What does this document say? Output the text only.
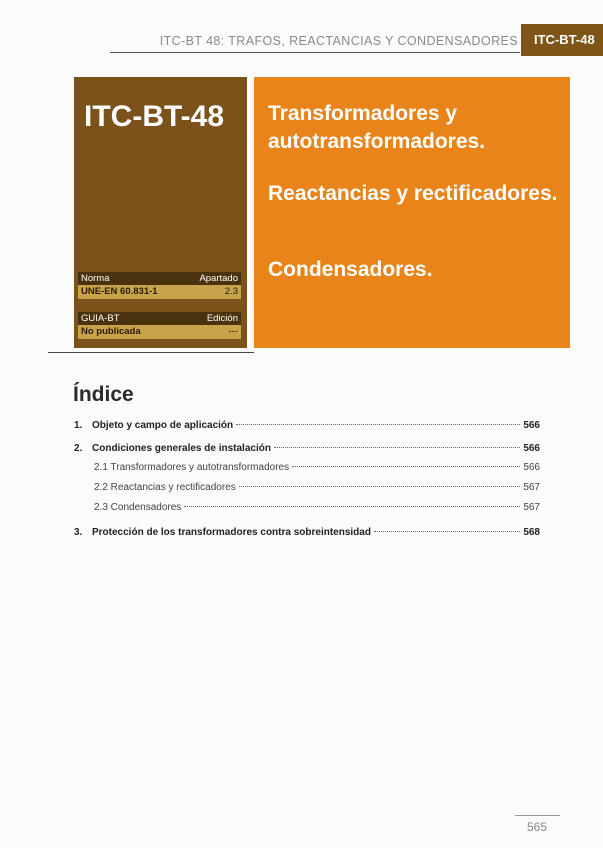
ITC-BT 48: TRAFOS, REACTANCIAS Y CONDENSADORES	ITC-BT-48
ITC-BT-48
Norma	Apartado
UNE-EN 60.831-1	2.3
GUIA-BT	Edición
No publicada	---
Transformadores y autotransformadores.
Reactancias y rectificadores.
Condensadores.
Índice
1. Objeto y campo de aplicación	566
2. Condiciones generales de instalación	566
2.1 Transformadores y autotransformadores	566
2.2 Reactancias y rectificadores	567
2.3 Condensadores	567
3. Protección de los transformadores contra sobreintensidad	568
565
